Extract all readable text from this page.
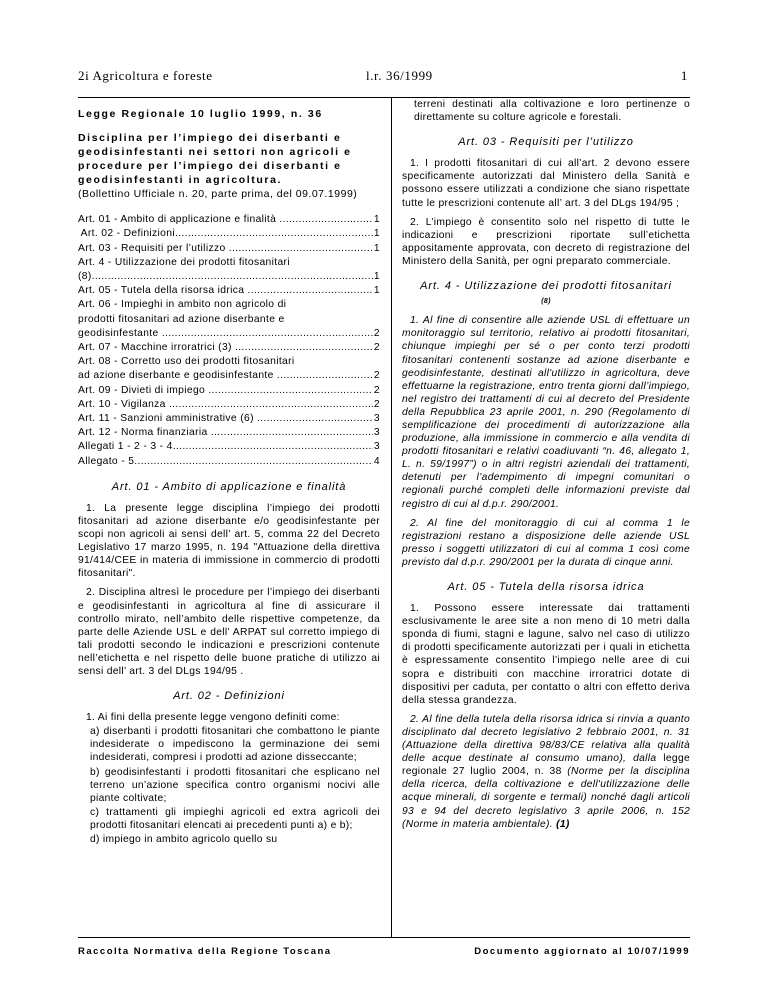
2i Agricoltura e foreste	l.r. 36/1999	1

Legge Regionale 10 luglio 1999, n. 36

Disciplina per l’impiego dei diserbanti e geodisinfestanti nei settori non agricoli e procedure per l’impiego dei diserbanti e geodisinfestanti in agricoltura.

(Bollettino Ufficiale n. 20, parte prima, del 09.07.1999)

Art. 01 - Ambito di applicazione e finalità .....	1
Art. 02 - Definizioni .....	1
Art. 03 - Requisiti per l’utilizzo .....	1
Art. 4 - Utilizzazione dei prodotti fitosanitari
(8) .....	1
Art. 05 - Tutela della risorsa idrica .....	1
Art. 06 - Impieghi in ambito non agricolo di
prodotti fitosanitari ad azione diserbante e
geodisinfestante .....	2
Art. 07 - Macchine irroratrici (3) .....	2
Art. 08 - Corretto uso dei prodotti fitosanitari
ad azione diserbante e geodisinfestante .....	2
Art. 09 - Divieti di impiego .....	2
Art. 10 - Vigilanza .....	2
Art. 11 - Sanzioni amministrative (6) .....	3
Art. 12 - Norma finanziaria .....	3
Allegati 1 - 2 - 3 - 4 .....	3
Allegato - 5 .....	4
Art. 01 - Ambito di applicazione e finalità

1. La presente legge disciplina l’impiego dei prodotti fitosanitari ad azione diserbante e/o geodisinfestante per scopi non agricoli ai sensi dell’ art. 5, comma 22 del Decreto Legislativo 17 marzo 1995, n. 194 "Attuazione della direttiva 91/414/CEE in materia di immissione in commercio di prodotti fitosanitari".

2. Disciplina altresì le procedure per l’impiego dei diserbanti e geodisinfestanti in agricoltura al fine di assicurare il controllo mirato, nell’ambito delle rispettive competenze, da parte delle Aziende USL e dell’ ARPAT sul corretto impiego di tali prodotti secondo le indicazioni e prescrizioni contenute nell’etichetta e nel rispetto delle buone pratiche di utilizzo ai sensi dell’ art. 3 del DLgs 194/95 .

Art. 02 - Definizioni

1. Ai fini della presente legge vengono definiti come:

a) diserbanti i prodotti fitosanitari che combattono le piante indesiderate o impediscono la germinazione dei semi indesiderati, compresi i prodotti ad azione disseccante;

b) geodisinfestanti i prodotti fitosanitari che esplicano nel terreno un’azione specifica contro organismi nocivi alle piante coltivate;

c) trattamenti gli impieghi agricoli ed extra agricoli dei prodotti fitosanitari elencati ai precedenti punti a) e b);

d) impiego in ambito agricolo quello su

terreni destinati alla coltivazione e loro pertinenze o direttamente su colture agricole e forestali.

Art. 03 - Requisiti per l’utilizzo

1. I prodotti fitosanitari di cui all’art. 2 devono essere specificamente autorizzati dal Ministero della Sanità e possono essere utilizzati a condizione che siano rispettate tutte le prescrizioni contenute all’ art. 3 del DLgs 194/95 ;

2. L’impiego è consentito solo nel rispetto di tutte le indicazioni e prescrizioni riportate sull’etichetta appositamente approvata, con decreto di registrazione del Ministero della Sanità, per ogni preparato commerciale.

Art. 4 - Utilizzazione dei prodotti fitosanitari
(8)

1. Al fine di consentire alle aziende USL di effettuare un monitoraggio sul territorio, relativo ai prodotti fitosanitari, chiunque impieghi per sé o per conto terzi prodotti fitosanitari contenenti sostanze ad azione diserbante e geodisinfestante, destinati all'utilizzo in agricoltura, deve effettuarne la registrazione, entro trenta giorni dall’impiego, nel registro dei trattamenti di cui al decreto del Presidente della Repubblica 23 aprile 2001, n. 290 (Regolamento di semplificazione dei procedimenti di autorizzazione alla produzione, alla immissione in commercio e alla vendita di prodotti fitosanitari e relativi coadiuvanti “n. 46, allegato 1, L. n. 59/1997”) o in altri registri aziendali dei trattamenti, detenuti per l’adempimento di impegni comunitari o regionali purché completi delle informazioni previste dal registro di cui al d.p.r. 290/2001.

2. Al fine del monitoraggio di cui al comma 1 le registrazioni restano a disposizione delle aziende USL presso i soggetti utilizzatori di cui al comma 1 così come previsto dal d.p.r. 290/2001 per la durata di cinque anni.

Art. 05 - Tutela della risorsa idrica

1. Possono essere interessate dai trattamenti esclusivamente le aree site a non meno di 10 metri dalla sponda di fiumi, stagni e lagune, salvo nel caso di utilizzo di prodotti specificamente autorizzati per i quali in etichetta è espressamente consentito l’impiego nelle aree di cui sopra e distribuiti con macchine irroratrici dotate di dispositivi per caduta, per contatto o altri con effetto deriva della stessa grandezza.

2. Al fine della tutela della risorsa idrica si rinvia a quanto disciplinato dal decreto legislativo 2 febbraio 2001, n. 31 (Attuazione della direttiva 98/83/CE relativa alla qualità delle acque destinate al consumo umano), dalla legge regionale 27 luglio 2004, n. 38 (Norme per la disciplina della ricerca, della coltivazione e dell'utilizzazione delle acque minerali, di sorgente e termali) nonché dagli articoli 93 e 94 del decreto legislativo 3 aprile 2006, n. 152 (Norme in materia ambientale). (1)

Raccolta Normativa della Regione Toscana	Documento aggiornato al 10/07/1999
